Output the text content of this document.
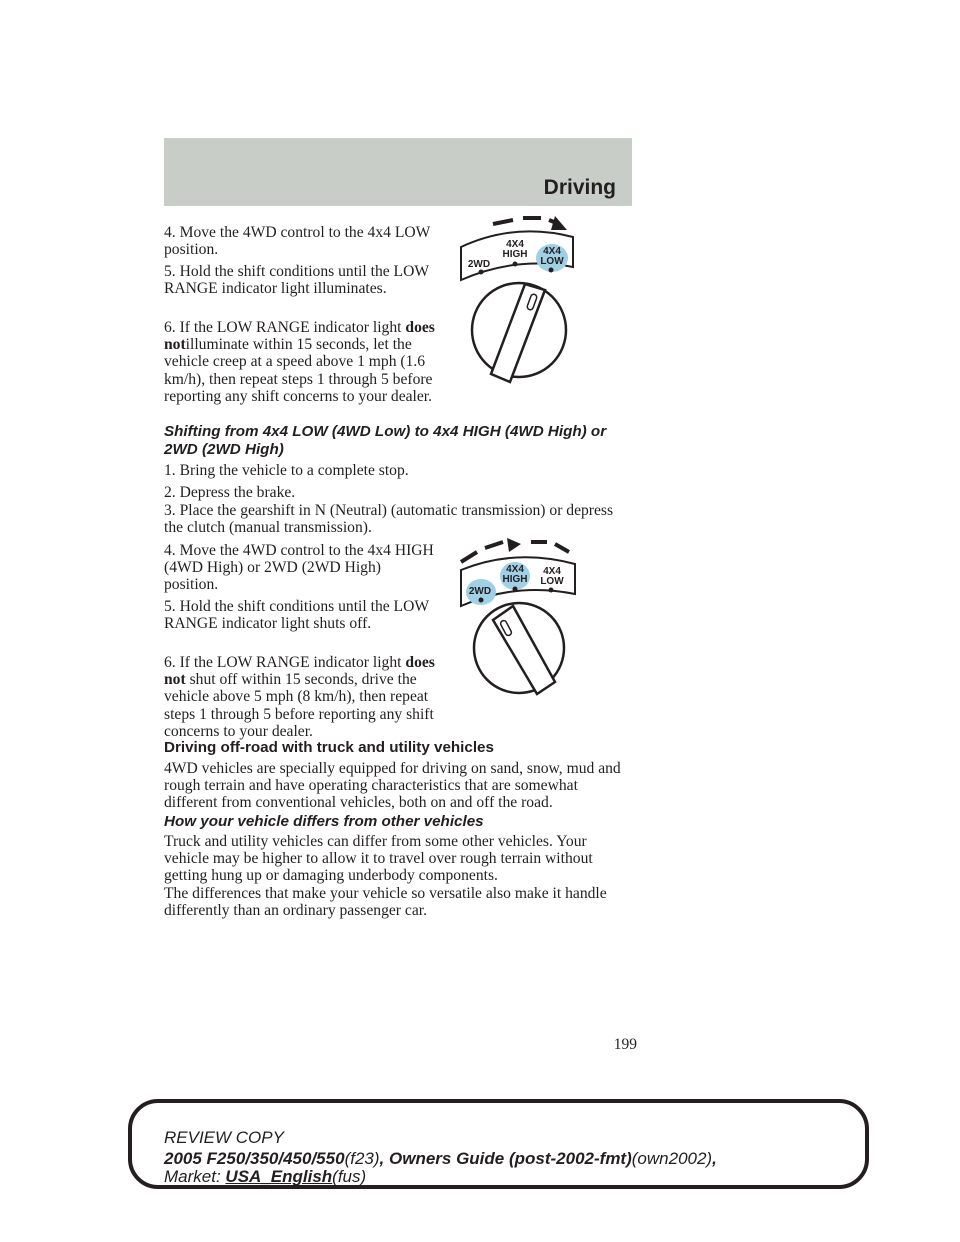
Driving

4. Move the 4WD control to the 4x4 LOW position.

5. Hold the shift conditions until the LOW RANGE indicator light illuminates.

6. If the LOW RANGE indicator light does notilluminate within 15 seconds, let the vehicle creep at a speed above 1 mph (1.6 km/h), then repeat steps 1 through 5 before reporting any shift concerns to your dealer.

2WD
4X4
HIGH 4X4
LOW

Shifting from 4x4 LOW (4WD Low) to 4x4 HIGH (4WD High) or 2WD (2WD High)

1. Bring the vehicle to a complete stop.

2. Depress the brake.

3. Place the gearshift in N (Neutral) (automatic transmission) or depress the clutch (manual transmission).

4. Move the 4WD control to the 4x4 HIGH (4WD High) or 2WD (2WD High) position.

5. Hold the shift conditions until the LOW RANGE indicator light shuts off.

6. If the LOW RANGE indicator light does not shut off within 15 seconds, drive the vehicle above 5 mph (8 km/h), then repeat steps 1 through 5 before reporting any shift concerns to your dealer.

2WD
4X4
HIGH
4X4
LOW

Driving off-road with truck and utility vehicles

4WD vehicles are specially equipped for driving on sand, snow, mud and rough terrain and have operating characteristics that are somewhat different from conventional vehicles, both on and off the road.

How your vehicle differs from other vehicles

Truck and utility vehicles can differ from some other vehicles. Your vehicle may be higher to allow it to travel over rough terrain without getting hung up or damaging underbody components.

The differences that make your vehicle so versatile also make it handle differently than an ordinary passenger car.

199
REVIEW COPY
2005 F250/350/450/550(f23), Owners Guide (post-2002-fmt)(own2002),
Market: USA_English(fus)
